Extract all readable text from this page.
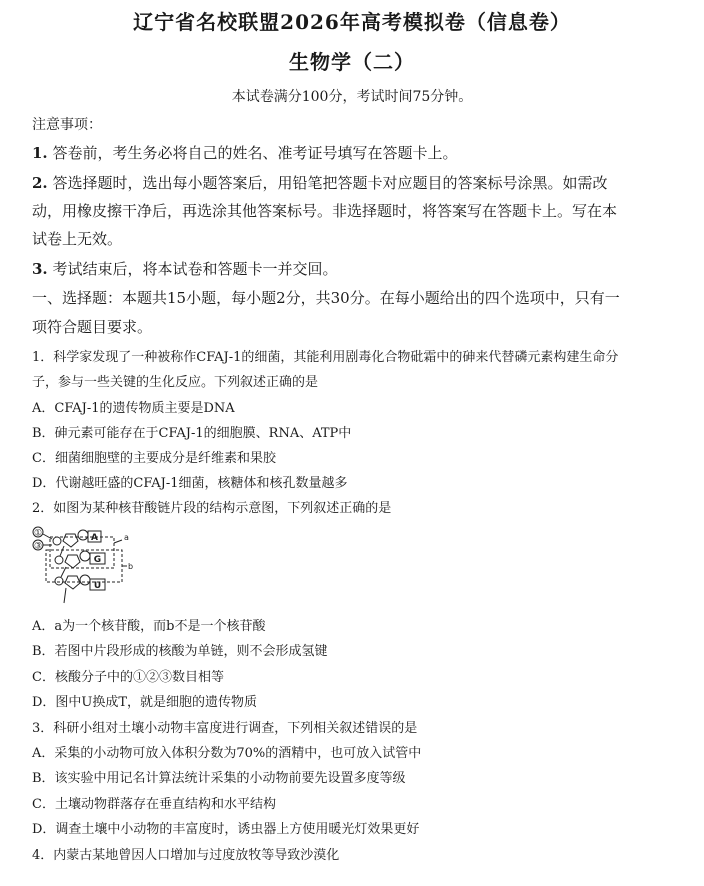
辽宁省名校联盟2026年高考模拟卷（信息卷）
生物学（二）
本试卷满分100分，考试时间75分钟。
注意事项：
1. 答卷前，考生务必将自己的姓名、准考证号填写在答题卡上。
2. 答选择题时，选出每小题答案后，用铅笔把答题卡对应题目的答案标号涂黑。如需改
动，用橡皮擦干净后，再选涂其他答案标号。非选择题时，将答案写在答题卡上。写在本
试卷上无效。
3. 考试结束后，将本试卷和答题卡一并交回。
一、选择题：本题共15小题，每小题2分，共30分。在每小题给出的四个选项中，只有一
项符合题目要求。
1．科学家发现了一种被称作CFAJ-1的细菌，其能利用剧毒化合物砒霜中的砷来代替磷元素构建生命分
子，参与一些关键的生化反应。下列叙述正确的是
A．CFAJ-1的遗传物质主要是DNA
B．砷元素可能存在于CFAJ-1的细胞膜、RNA、ATP中
C．细菌细胞壁的主要成分是纤维素和果胶
D．代谢越旺盛的CFAJ-1细菌，核糖体和核孔数量越多
2．如图为某种核苷酸链片段的结构示意图，下列叙述正确的是
①
③
A
G
U
a
b
A．a为一个核苷酸，而b不是一个核苷酸
B．若图中片段形成的核酸为单链，则不会形成氢键
C．核酸分子中的①②③数目相等
D．图中U换成T，就是细胞的遗传物质
3．科研小组对土壤小动物丰富度进行调查，下列相关叙述错误的是
A．采集的小动物可放入体积分数为70%的酒精中，也可放入试管中
B．该实验中用记名计算法统计采集的小动物前要先设置多度等级
C．土壤动物群落存在垂直结构和水平结构
D．调查土壤中小动物的丰富度时，诱虫器上方使用暖光灯效果更好
4．内蒙古某地曾因人口增加与过度放牧等导致沙漠化
